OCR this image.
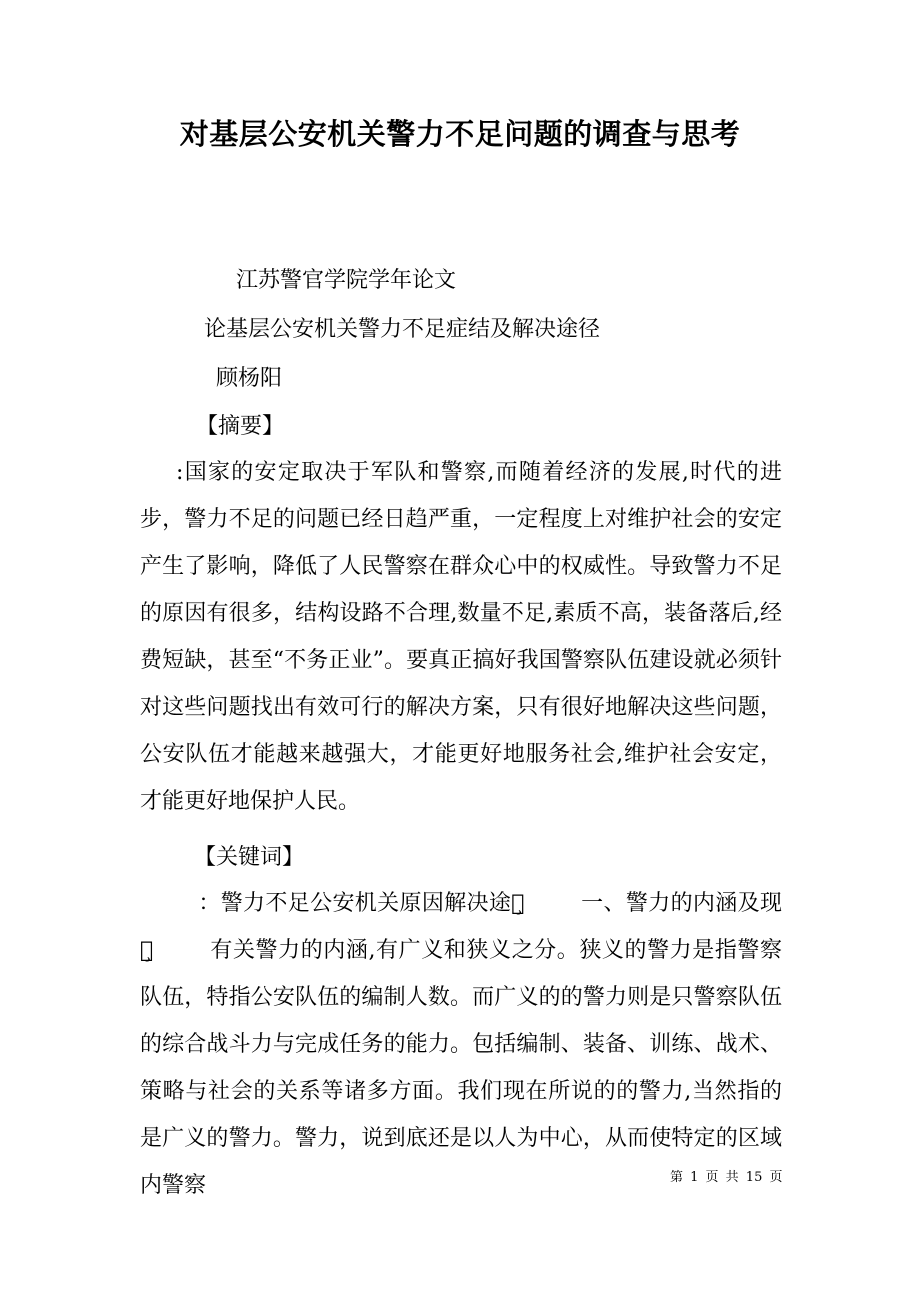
对基层公安机关警力不足问题的调查与思考
江苏警官学院学年论文
论基层公安机关警力不足症结及解决途径
顾杨阳
【摘要】
:国家的安定取决于军队和警察,而随着经济的发展,时代的进步，警力不足的问题已经日趋严重，一定程度上对维护社会的安定产生了影响，降低了人民警察在群众心中的权威性。导致警力不足的原因有很多，结构设路不合理,数量不足,素质不高，装备落后,经费短缺，甚至“不务正业”。要真正搞好我国警察队伍建设就必须针对这些问题找出有效可行的解决方案，只有很好地解决这些问题，公安队伍才能越来越强大，才能更好地服务社会,维护社会安定，才能更好地保护人民。
【关键词】
：警力不足公安机关原因解决途径	一、警力的内涵及现状	有关警力的内涵,有广义和狭义之分。狭义的警力是指警察队伍，特指公安队伍的编制人数。而广义的的警力则是只警察队伍的综合战斗力与完成任务的能力。包括编制、装备、训练、战术、策略与社会的关系等诸多方面。我们现在所说的的警力,当然指的是广义的警力。警力，说到底还是以人为中心，从而使特定的区域内警察	第 1 页 共 15 页
